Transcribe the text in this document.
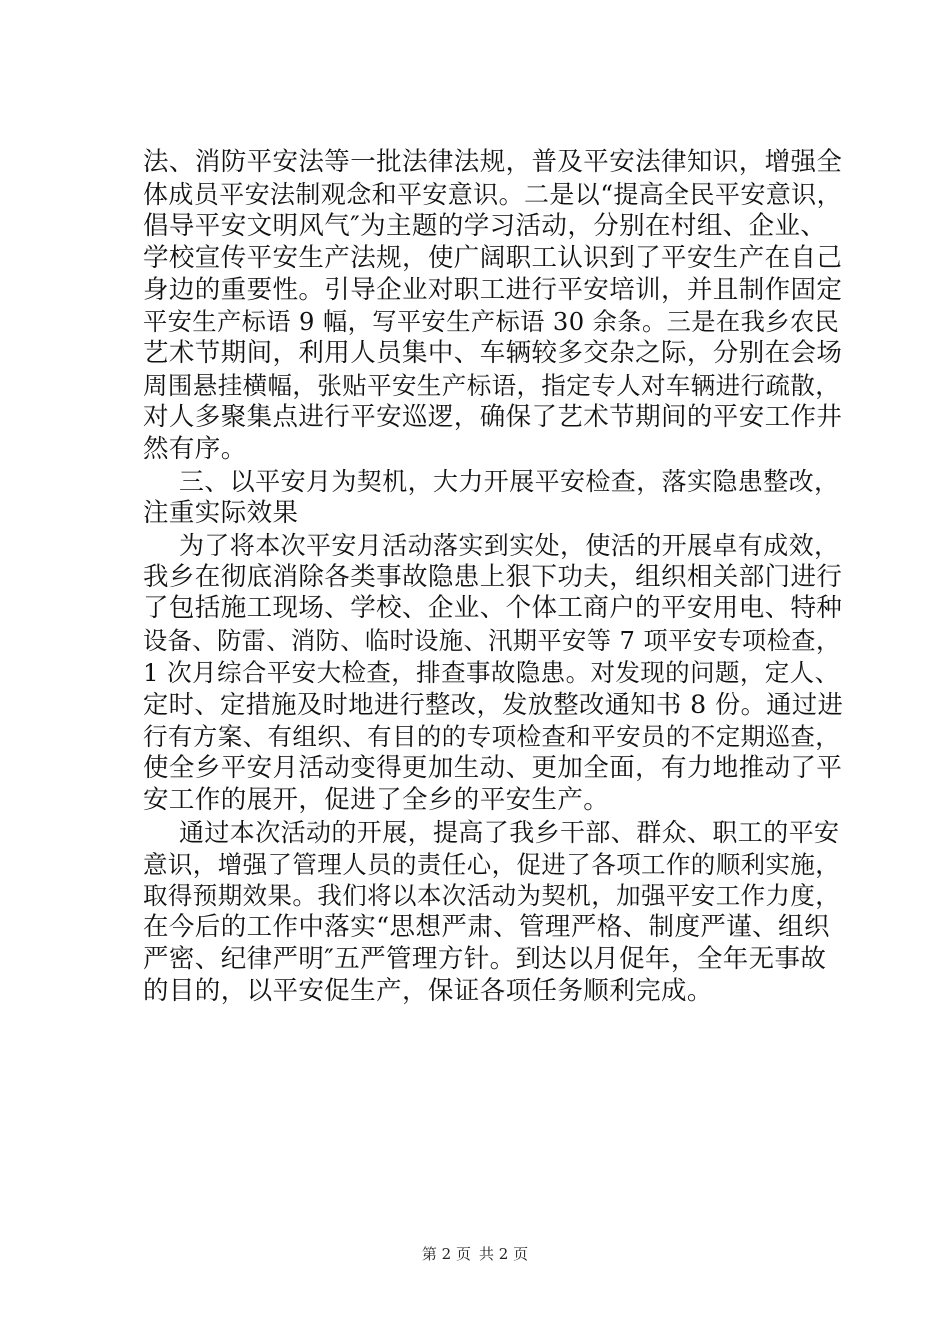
法、消防平安法等一批法律法规，普及平安法律知识，增强全
体成员平安法制观念和平安意识。二是以“提高全民平安意识，
倡导平安文明风气″为主题的学习活动，分别在村组、企业、
学校宣传平安生产法规，使广阔职工认识到了平安生产在自己
身边的重要性。引导企业对职工进行平安培训，并且制作固定
平安生产标语 9 幅，写平安生产标语 30 余条。三是在我乡农民
艺术节期间，利用人员集中、车辆较多交杂之际，分别在会场
周围悬挂横幅，张贴平安生产标语，指定专人对车辆进行疏散，
对人多聚集点进行平安巡逻，确保了艺术节期间的平安工作井
然有序。
三、以平安月为契机，大力开展平安检查，落实隐患整改，
注重实际效果
为了将本次平安月活动落实到实处，使活的开展卓有成效，
我乡在彻底消除各类事故隐患上狠下功夫，组织相关部门进行
了包括施工现场、学校、企业、个体工商户的平安用电、特种
设备、防雷、消防、临时设施、汛期平安等 7 项平安专项检查，
1 次月综合平安大检查，排查事故隐患。对发现的问题，定人、
定时、定措施及时地进行整改，发放整改通知书 8 份。通过进
行有方案、有组织、有目的的专项检查和平安员的不定期巡查，
使全乡平安月活动变得更加生动、更加全面，有力地推动了平
安工作的展开，促进了全乡的平安生产。
通过本次活动的开展，提高了我乡干部、群众、职工的平安
意识，增强了管理人员的责任心，促进了各项工作的顺利实施，
取得预期效果。我们将以本次活动为契机，加强平安工作力度，
在今后的工作中落实“思想严肃、管理严格、制度严谨、组织
严密、纪律严明″五严管理方针。到达以月促年，全年无事故
的目的，以平安促生产，保证各项任务顺利完成。
第 2 页 共 2 页
